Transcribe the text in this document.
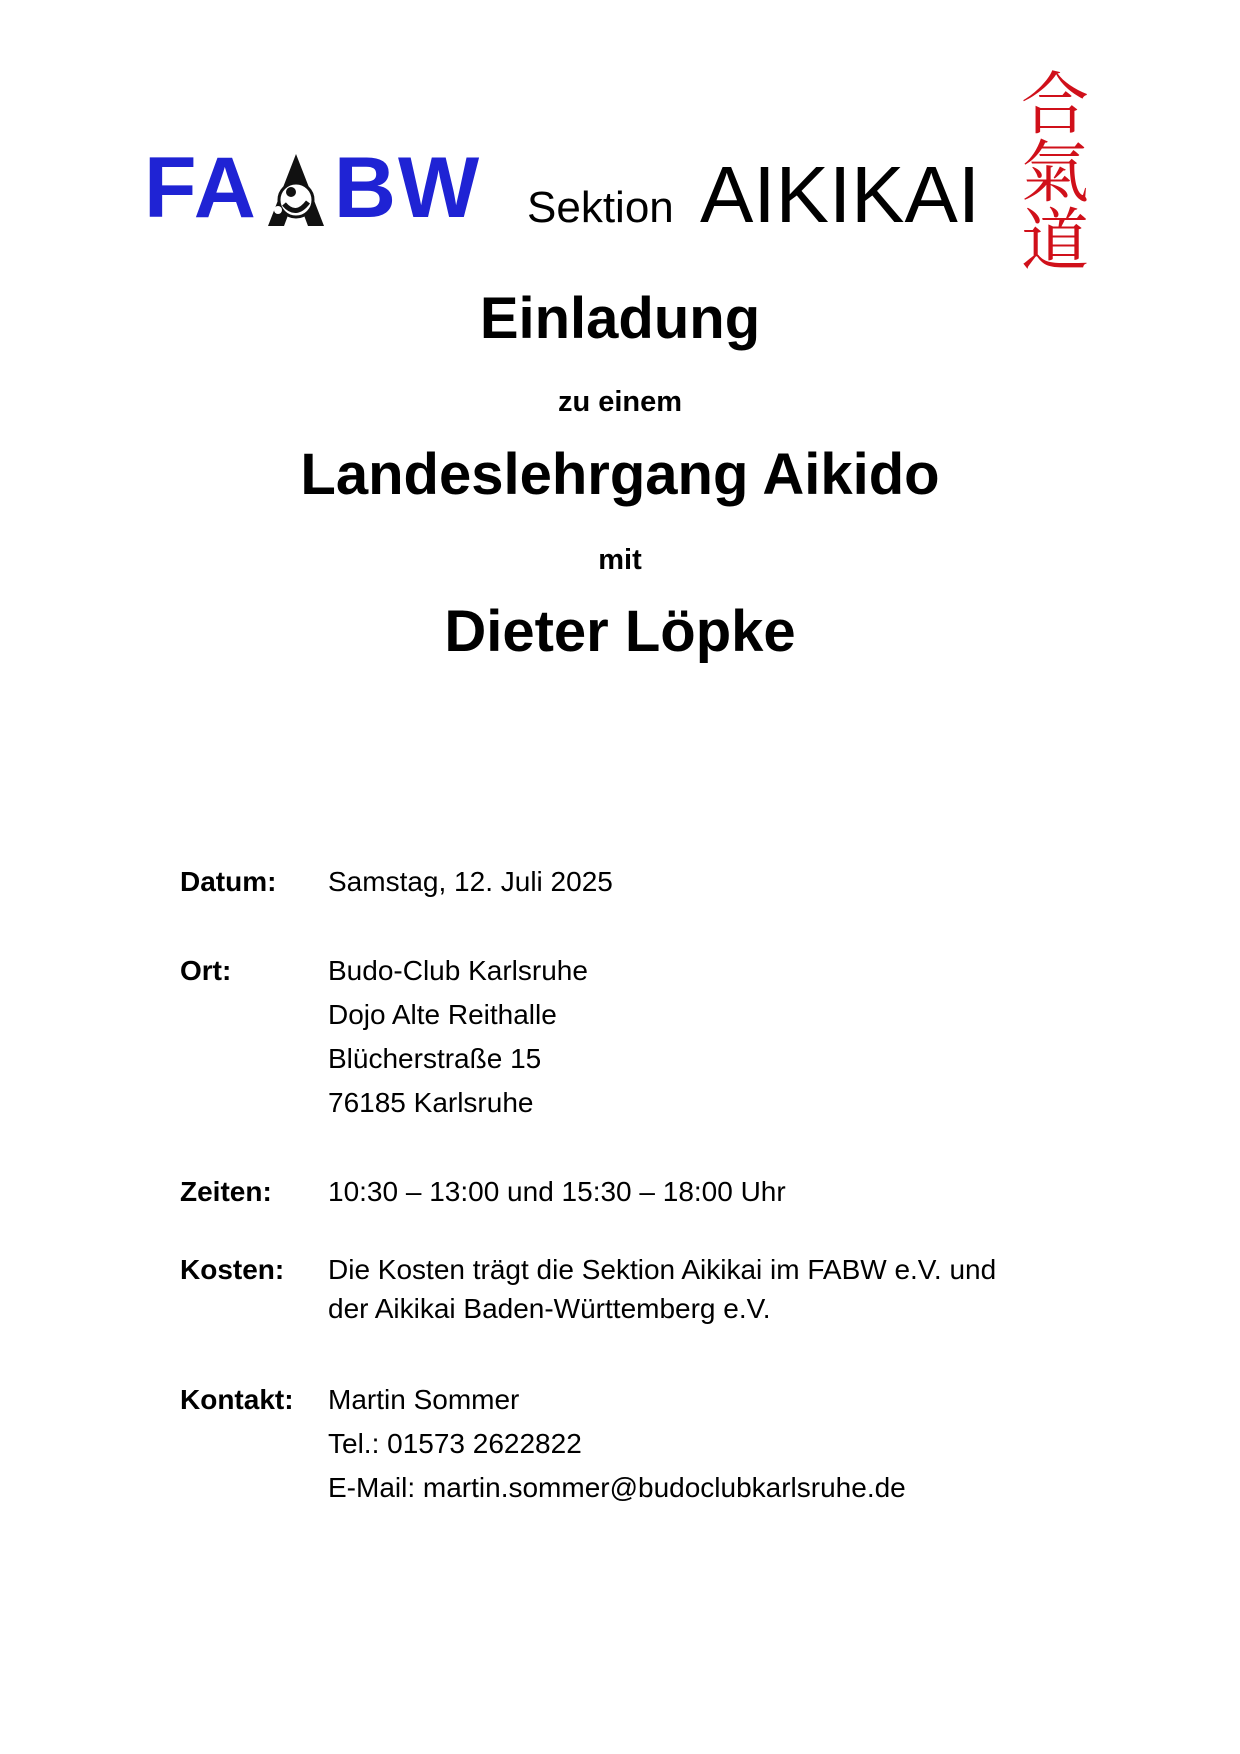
FA BW Sektion AIKIKAI
合
氣
道
Einladung
zu einem
Landeslehrgang Aikido
mit
Dieter Löpke
Datum:	Samstag, 12. Juli 2025
Ort:	Budo-Club Karlsruhe
Dojo Alte Reithalle
Blücherstraße 15
76185 Karlsruhe
Zeiten:	10:30 – 13:00 und 15:30 – 18:00 Uhr
Kosten:	Die Kosten trägt die Sektion Aikikai im FABW e.V. und
der Aikikai Baden-Württemberg e.V.
Kontakt:	Martin Sommer
Tel.: 01573 2622822
E-Mail: martin.sommer@budoclubkarlsruhe.de
